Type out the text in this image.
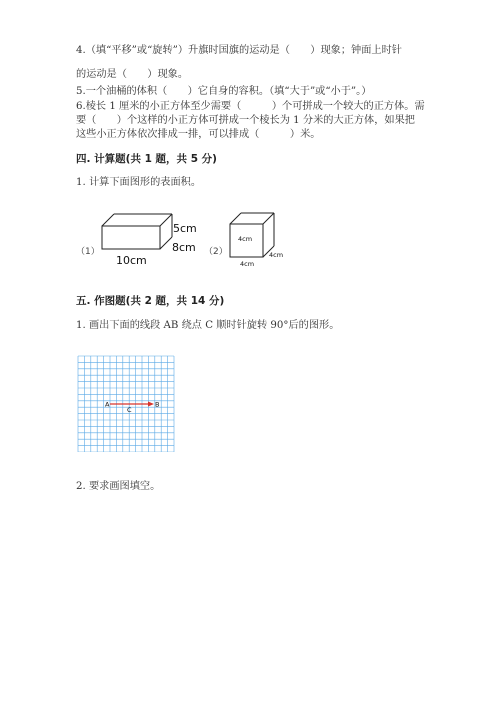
4.（填“平移”或“旋转”）升旗时国旗的运动是（　　）现象；钟面上时针
的运动是（　　）现象。
5.一个油桶的体积（　　）它自身的容积。（填“大于”或“小于”。）
6.棱长 1 厘米的小正方体至少需要（　　　）个可拼成一个较大的正方体。需
要（　　）个这样的小正方体可拼成一个棱长为 1 分米的大正方体，如果把
这些小正方体依次排成一排，可以排成（　　　）米。
四. 计算题(共 1 题，共 5 分)
1. 计算下面图形的表面积。
（1）
5cm
8cm
10cm
（2）
4cm
4cm
4cm
五. 作图题(共 2 题，共 14 分)
1. 画出下面的线段 AB 绕点 C 顺时针旋转 90°后的图形。
A	B
C
2. 要求画图填空。
